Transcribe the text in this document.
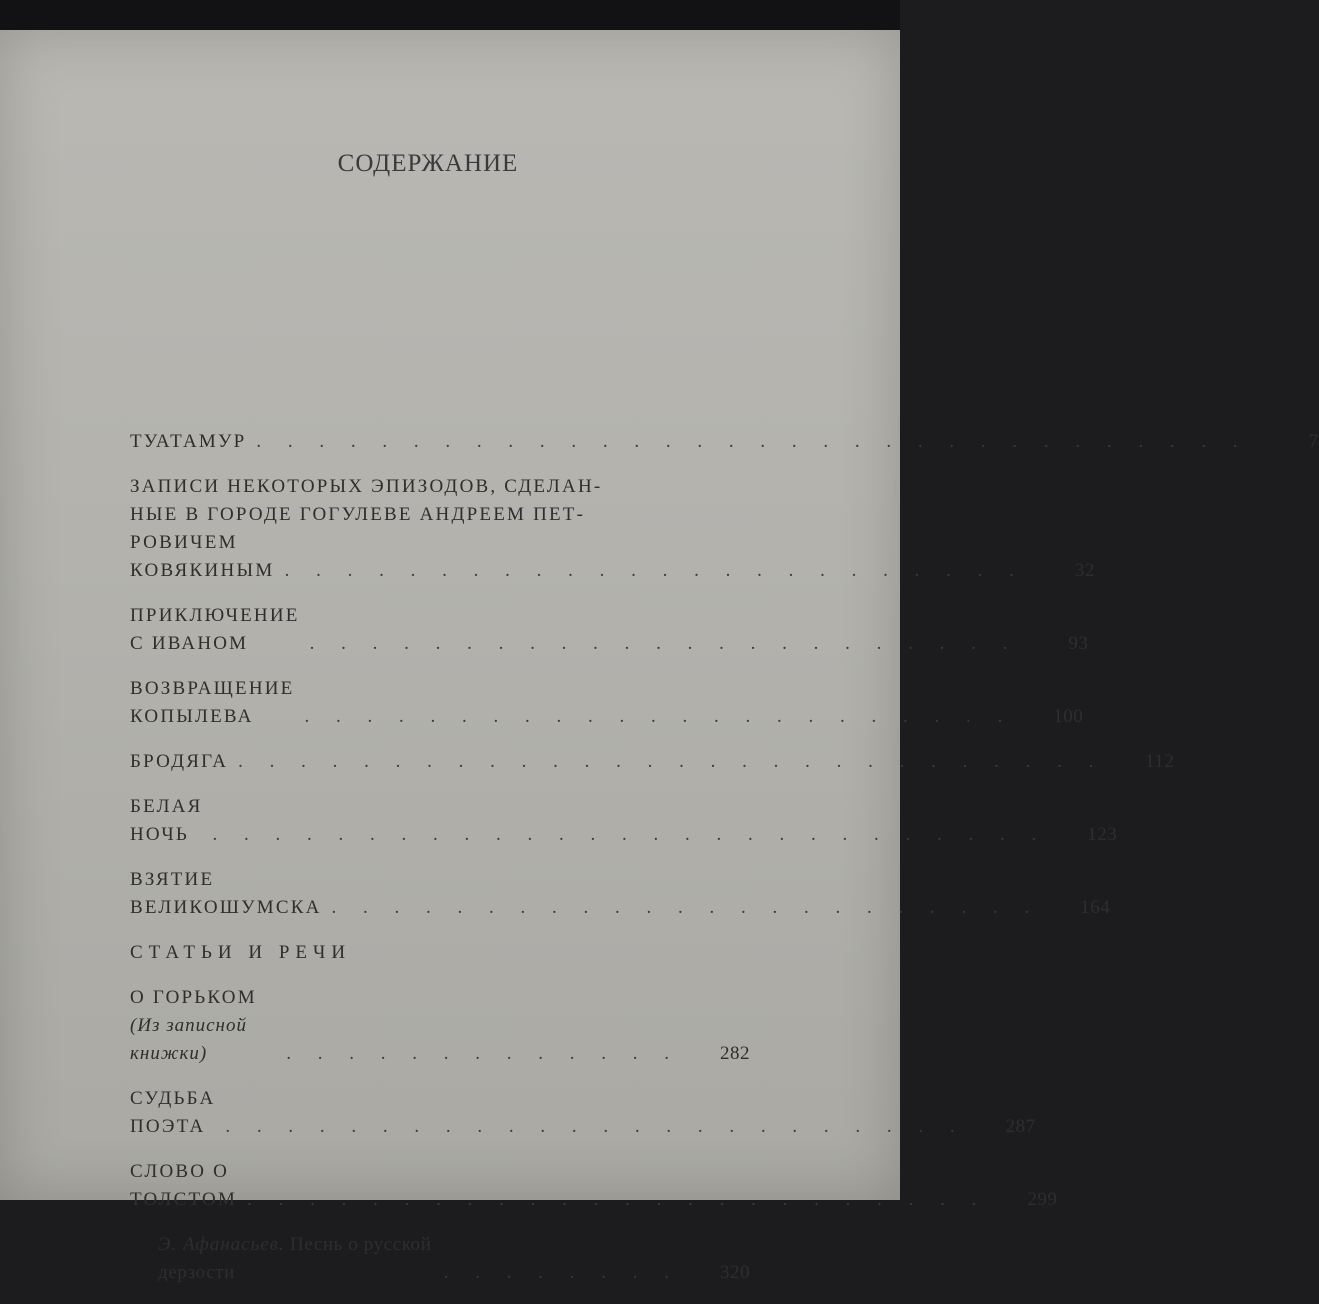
СОДЕРЖАНИЕ
ТУАТАМУР . . . . . . . . . . . . . . . . . . . . . . . . . . . . . . . .	7
ЗАПИСИ НЕКОТОРЫХ ЭПИЗОДОВ, СДЕЛАН-
НЫЕ В ГОРОДЕ ГОГУЛЕВЕ АНДРЕЕМ ПЕТ-
РОВИЧЕМ КОВЯКИНЫМ . . . . . . . . . . . . . . . . . . . . . . . .	32
ПРИКЛЮЧЕНИЕ С ИВАНОМ	. . . . . . . . . . . . . . . . . . . . . . .	93
ВОЗВРАЩЕНИЕ КОПЫЛЕВА	. . . . . . . . . . . . . . . . . . . . . . .	100
БРОДЯГА . . . . . . . . . . . . . . . . . . . . . . . . . . . .	112
БЕЛАЯ НОЧЬ	. . . . . . . . . . . . . . . . . . . . . . . . . . .	123
ВЗЯТИЕ ВЕЛИКОШУМСКА . . . . . . . . . . . . . . . . . . . . . . .	164
СТАТЬИ И РЕЧИ
О ГОРЬКОМ (Из записной книжки)	. . . . . . . . . . . . .	282
СУДЬБА ПОЭТА	. . . . . . . . . . . . . . . . . . . . . . . .	287
СЛОВО О ТОЛСТОМ . . . . . . . . . . . . . . . . . . . . . . . .	299
Э. Афанасьев. Песнь о русской дерзости	. . . . . . . .	320
